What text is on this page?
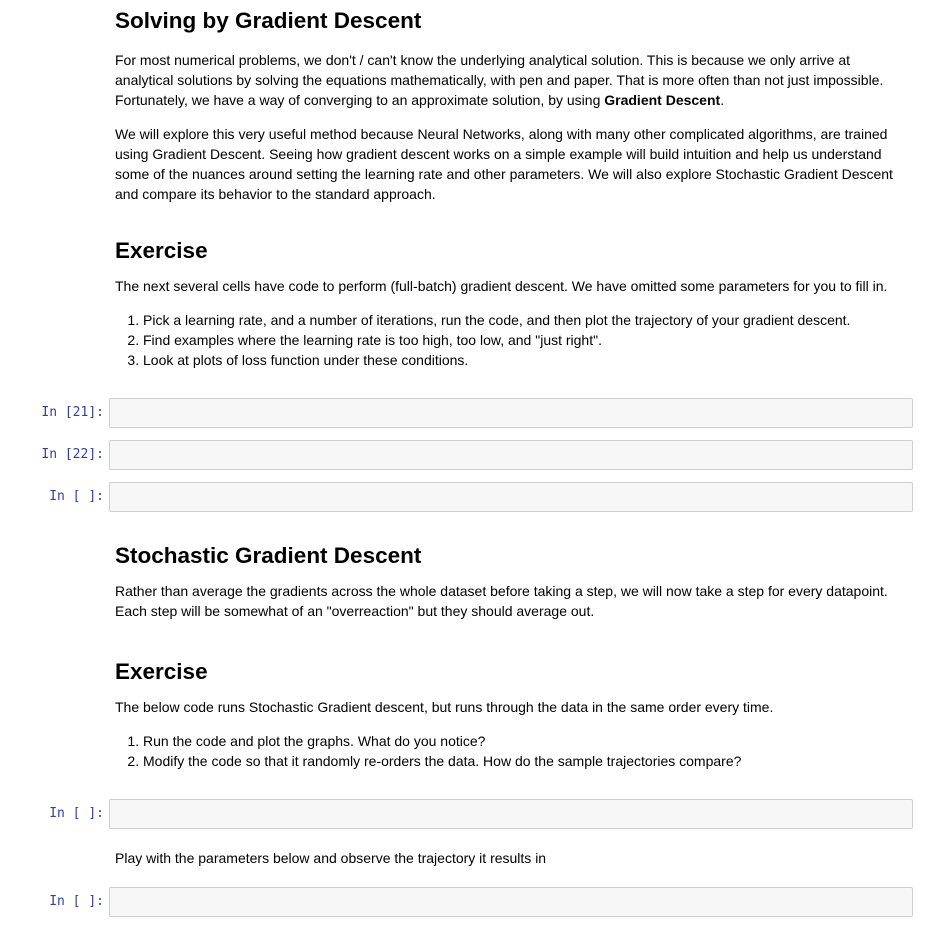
Solving by Gradient Descent

For most numerical problems, we don't / can't know the underlying analytical solution. This is because we only arrive at analytical solutions by solving the equations mathematically, with pen and paper. That is more often than not just impossible. Fortunately, we have a way of converging to an approximate solution, by using Gradient Descent.

We will explore this very useful method because Neural Networks, along with many other complicated algorithms, are trained using Gradient Descent. Seeing how gradient descent works on a simple example will build intuition and help us understand some of the nuances around setting the learning rate and other parameters. We will also explore Stochastic Gradient Descent and compare its behavior to the standard approach.

Exercise

The next several cells have code to perform (full-batch) gradient descent. We have omitted some parameters for you to fill in.

1. Pick a learning rate, and a number of iterations, run the code, and then plot the trajectory of your gradient descent.
2. Find examples where the learning rate is too high, too low, and "just right".
3. Look at plots of loss function under these conditions.
In [21]:
In [22]:
In [ ]:
Stochastic Gradient Descent

Rather than average the gradients across the whole dataset before taking a step, we will now take a step for every datapoint. Each step will be somewhat of an "overreaction" but they should average out.

Exercise

The below code runs Stochastic Gradient descent, but runs through the data in the same order every time.

1. Run the code and plot the graphs. What do you notice?
2. Modify the code so that it randomly re-orders the data. How do the sample trajectories compare?
In [ ]:

Play with the parameters below and observe the trajectory it results in

In [ ]:
